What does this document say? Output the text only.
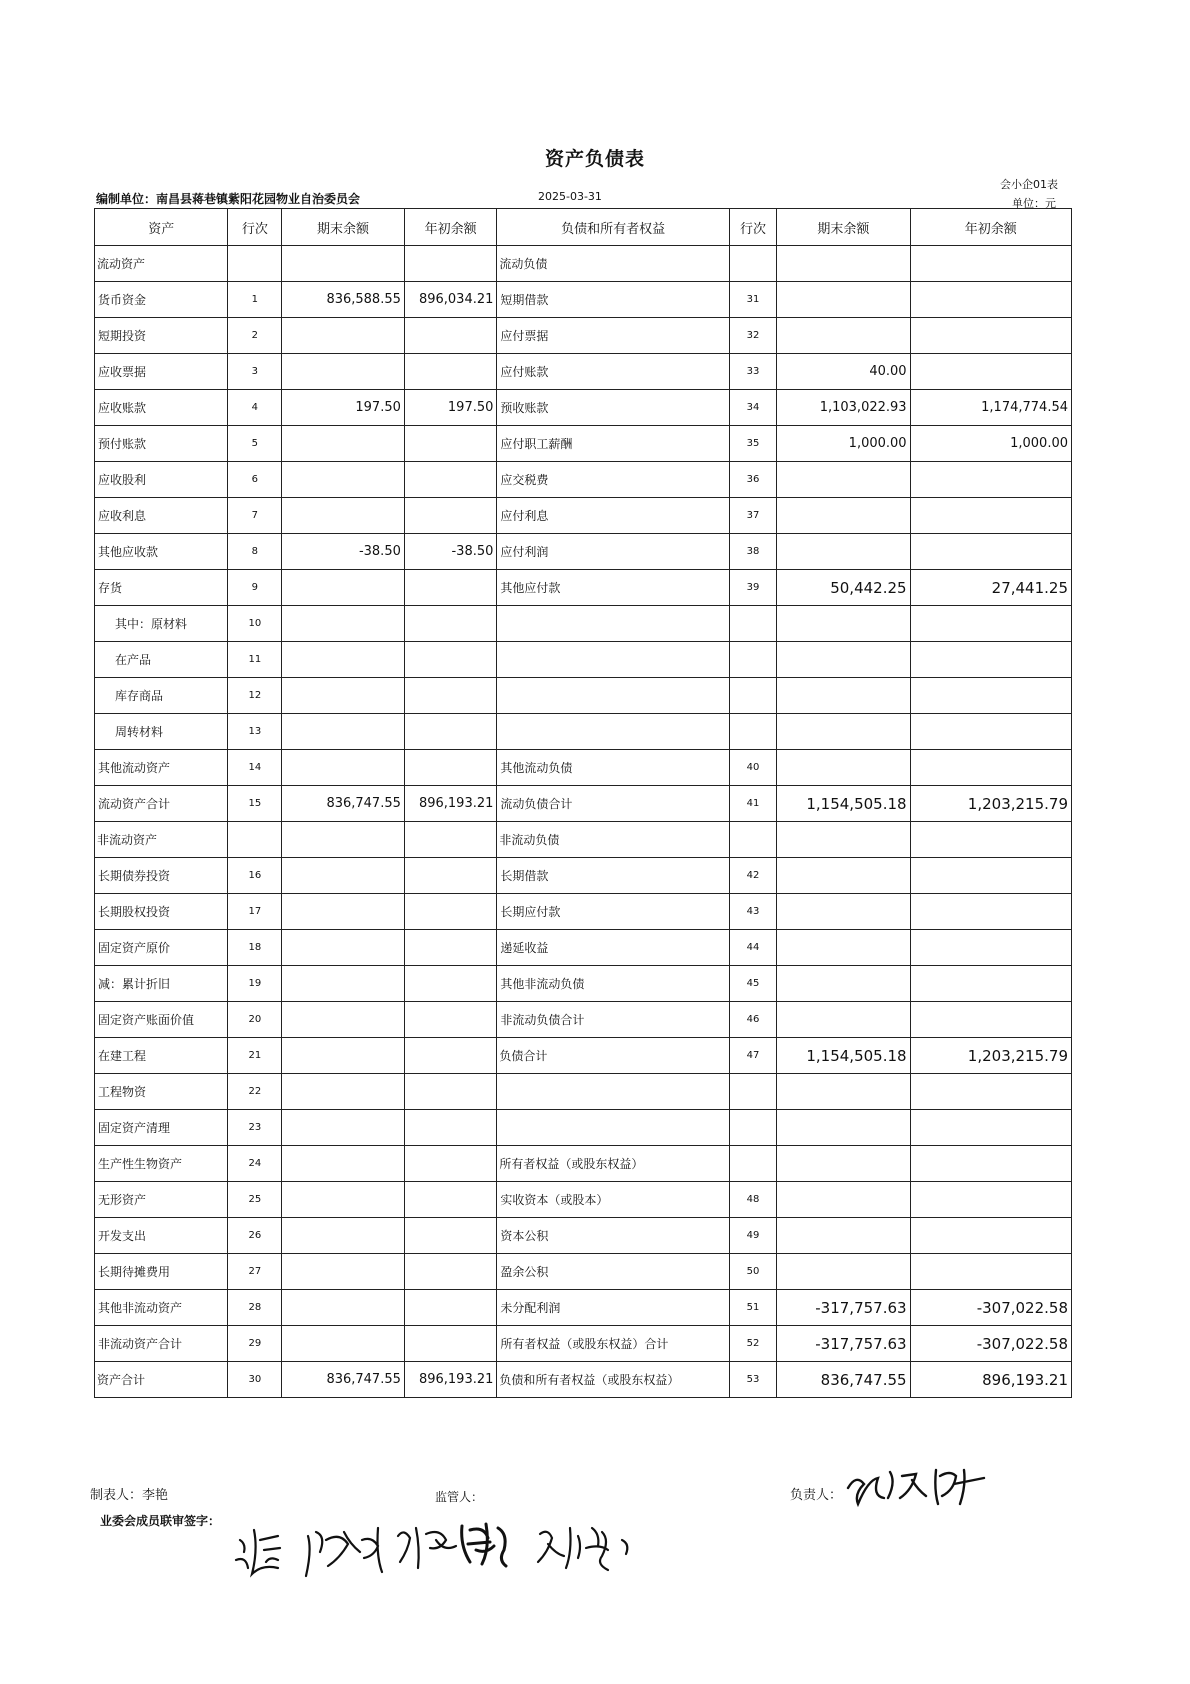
资产负债表
会小企01表
单位：元
编制单位：南昌县蒋巷镇紫阳花园物业自治委员会	2025-03-31
资产	行次	期末余额	年初余额	负债和所有者权益	行次	期末余额	年初余额
流动资产				流动负债			
货币资金	1	836,588.55	896,034.21	短期借款	31		
短期投资	2			应付票据	32		
应收票据	3			应付账款	33	40.00	
应收账款	4	197.50	197.50	预收账款	34	1,103,022.93	1,174,774.54
预付账款	5			应付职工薪酬	35	1,000.00	1,000.00
应收股利	6			应交税费	36		
应收利息	7			应付利息	37		
其他应收款	8	-38.50	-38.50	应付利润	38		
存货	9			其他应付款	39	50,442.25	27,441.25
其中：原材料	10						
在产品	11						
库存商品	12						
周转材料	13						
其他流动资产	14			其他流动负债	40		
流动资产合计	15	836,747.55	896,193.21	流动负债合计	41	1,154,505.18	1,203,215.79
非流动资产				非流动负债			
长期债券投资	16			长期借款	42		
长期股权投资	17			长期应付款	43		
固定资产原价	18			递延收益	44		
减：累计折旧	19			其他非流动负债	45		
固定资产账面价值	20			非流动负债合计	46		
在建工程	21			负债合计	47	1,154,505.18	1,203,215.79
工程物资	22						
固定资产清理	23						
生产性生物资产	24			所有者权益（或股东权益）			
无形资产	25			实收资本（或股本）	48		
开发支出	26			资本公积	49		
长期待摊费用	27			盈余公积	50		
其他非流动资产	28			未分配利润	51	-317,757.63	-307,022.58
非流动资产合计	29			所有者权益（或股东权益）合计	52	-317,757.63	-307,022.58
资产合计	30	836,747.55	896,193.21	负债和所有者权益（或股东权益）	53	836,747.55	896,193.21
制表人：李艳	监管人：	负责人：
业委会成员联审签字：
